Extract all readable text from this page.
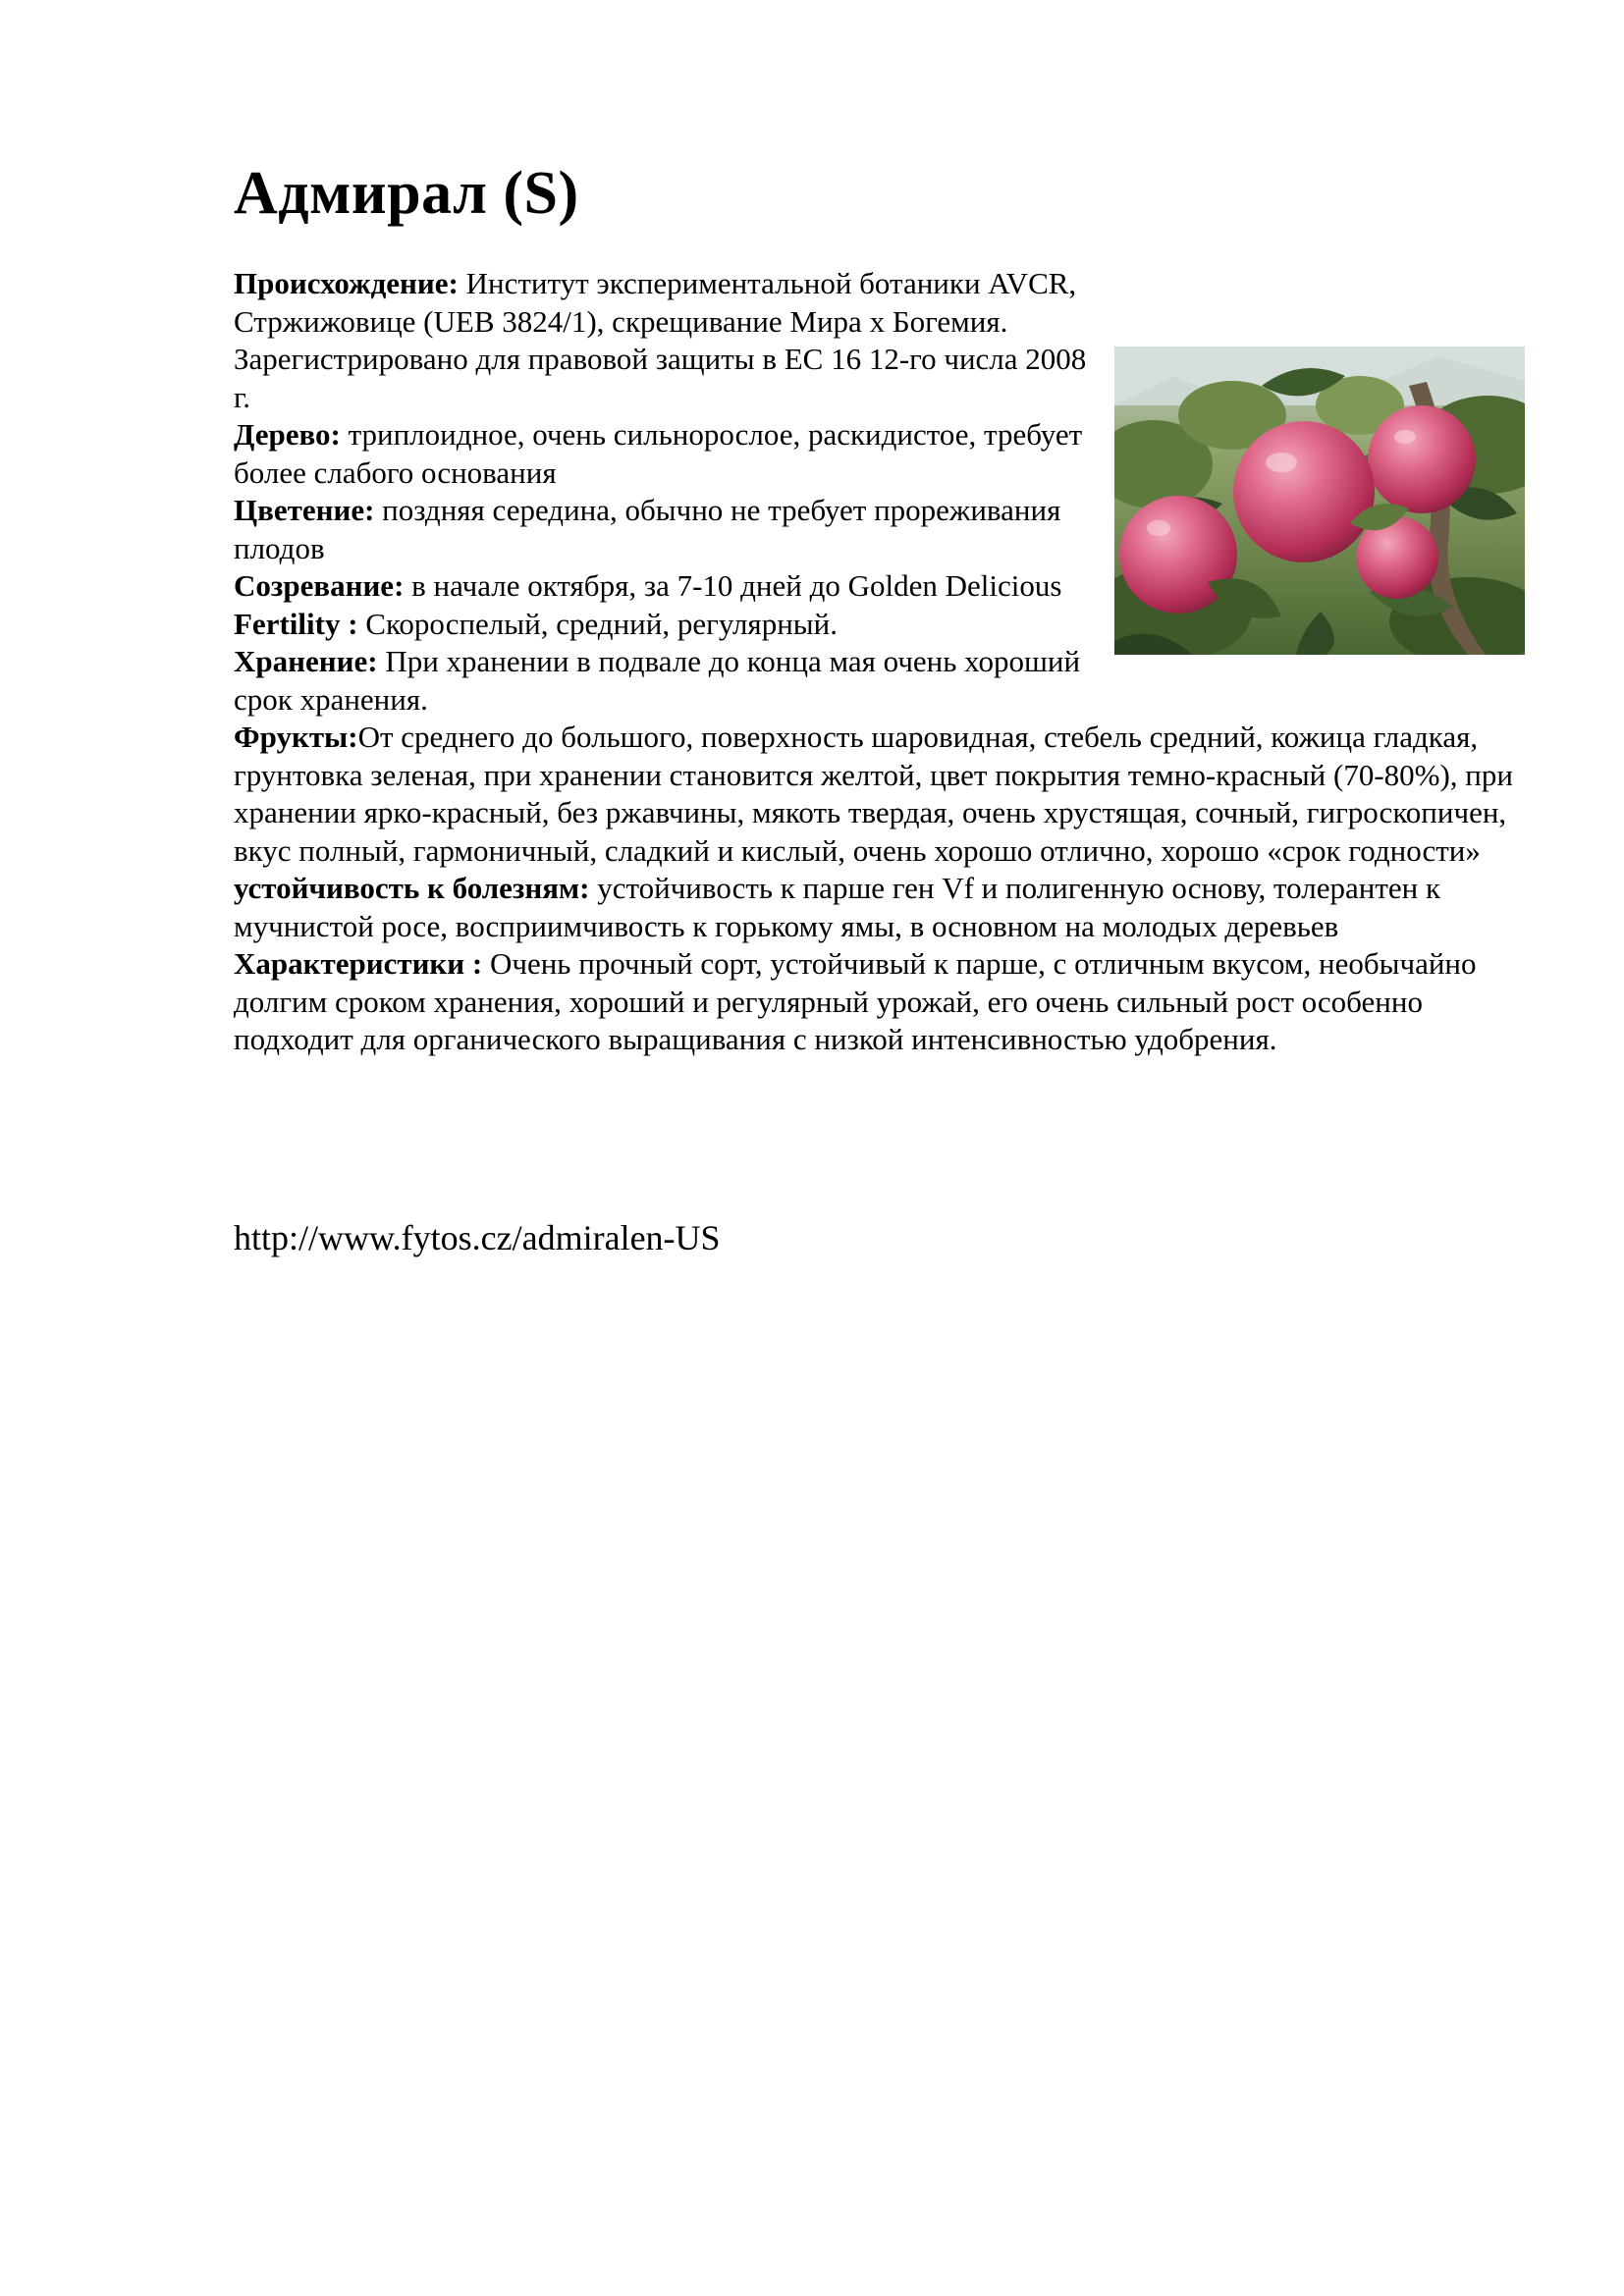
Адмирал (S)

Происхождение: Институт экспериментальной ботаники AVCR, Стржижовице (UEB 3824/1), скрещивание Мира x Богемия. Зарегистрировано для правовой защиты в ЕС 16 12-го числа 2008 г.

Дерево: триплоидное, очень сильнорослое, раскидистое, требует более слабого основания

Цветение: поздняя середина, обычно не требует прореживания плодов

Созревание: в начале октября, за 7-10 дней до Golden Delicious

Fertility : Скороспелый, средний, регулярный.

Хранение: При хранении в подвале до конца мая очень хороший срок хранения.

Фрукты:От среднего до большого, поверхность шаровидная, стебель средний, кожица гладкая, грунтовка зеленая, при хранении становится желтой, цвет покрытия темно-красный (70-80%), при хранении ярко-красный, без ржавчины, мякоть твердая, очень хрустящая, сочный, гигроскопичен, вкус полный, гармоничный, сладкий и кислый, очень хорошо отлично, хорошо «срок годности»

устойчивость к болезням: устойчивость к парше ген Vf и полигенную основу, толерантен к мучнистой росе, восприимчивость к горькому ямы, в основном на молодых деревьев

Характеристики : Очень прочный сорт, устойчивый к парше, с отличным вкусом, необычайно долгим сроком хранения, хороший и регулярный урожай, его очень сильный рост особенно подходит для органического выращивания с низкой интенсивностью удобрения.

http://www.fytos.cz/admiralen-US
